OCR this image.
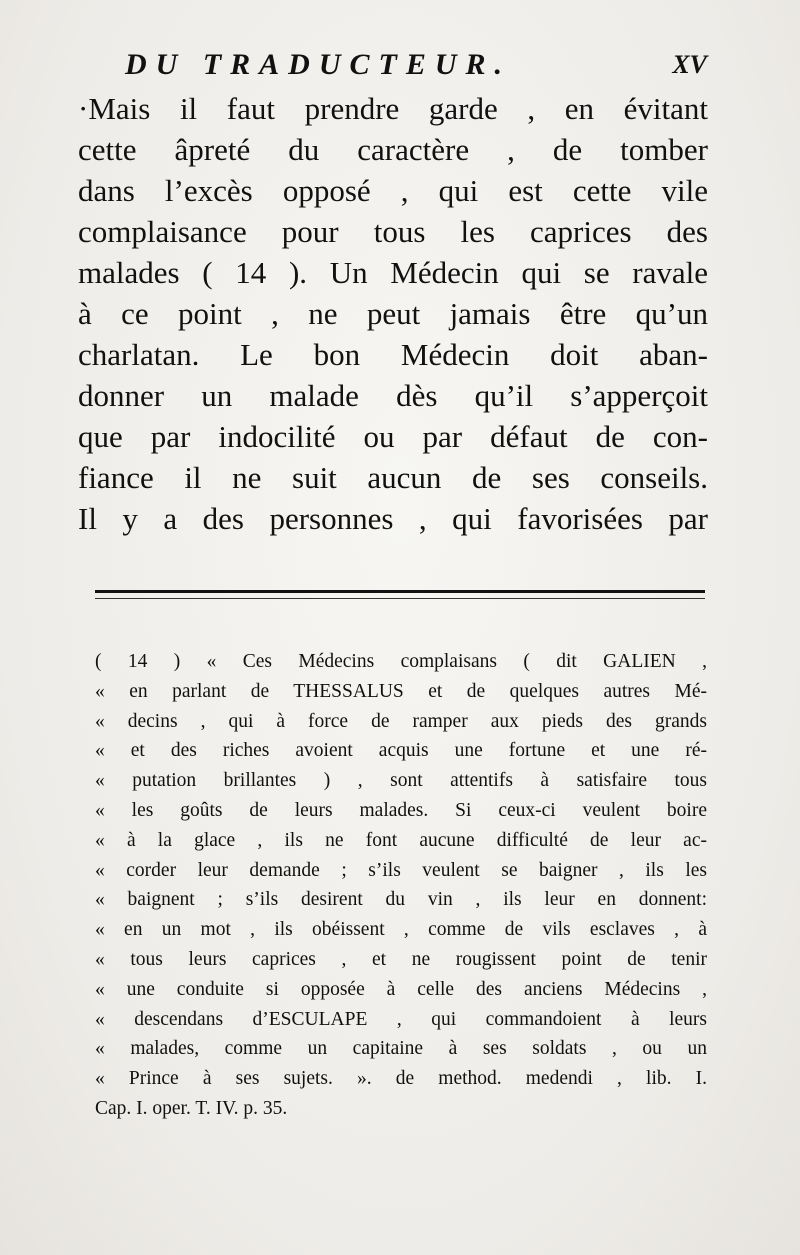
DU TRADUCTEUR.	XV
·Mais il faut prendre garde , en évitant
cette âpreté du caractère , de tomber
dans l’excès opposé , qui est cette vile
complaisance pour tous les caprices des
malades ( 14 ). Un Médecin qui se ravale
à ce point , ne peut jamais être qu’un
charlatan. Le bon Médecin doit aban-
donner un malade dès qu’il s’apperçoit
que par indocilité ou par défaut de con-
fiance il ne suit aucun de ses conseils.
Il y a des personnes , qui favorisées par
( 14 ) « Ces Médecins complaisans ( dit GALIEN ,
« en parlant de THESSALUS et de quelques autres Mé-
« decins , qui à force de ramper aux pieds des grands
« et des riches avoient acquis une fortune et une ré-
« putation brillantes ) , sont attentifs à satisfaire tous
« les goûts de leurs malades. Si ceux-ci veulent boire
« à la glace , ils ne font aucune difficulté de leur ac-
« corder leur demande ; s’ils veulent se baigner , ils les
« baignent ; s’ils desirent du vin , ils leur en donnent:
« en un mot , ils obéissent , comme de vils esclaves , à
« tous leurs caprices , et ne rougissent point de tenir
« une conduite si opposée à celle des anciens Médecins ,
« descendans d’ESCULAPE , qui commandoient à leurs
« malades, comme un capitaine à ses soldats , ou un
« Prince à ses sujets. ». de method. medendi , lib. I.
Cap. I. oper. T. IV. p. 35.
